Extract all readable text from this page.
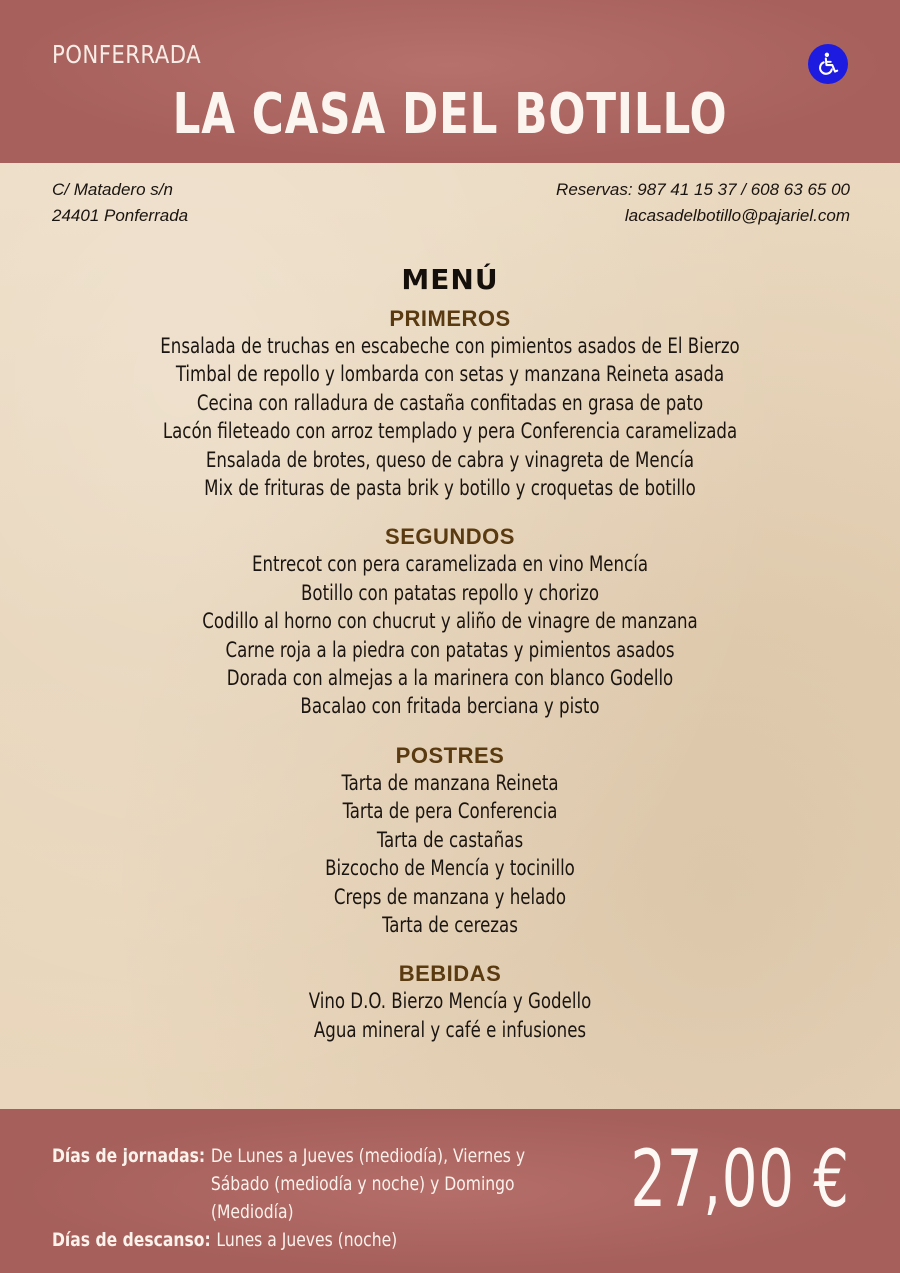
PONFERRADA
LA CASA DEL BOTILLO
C/ Matadero s/n
24401 Ponferrada
Reservas: 987 41 15 37 / 608 63 65 00
lacasadelbotillo@pajariel.com
MENÚ
PRIMEROS
Ensalada de truchas en escabeche con pimientos asados de El Bierzo
Timbal de repollo y lombarda con setas y manzana Reineta asada
Cecina con ralladura de castaña confitadas en grasa de pato
Lacón fileteado con arroz templado y pera Conferencia caramelizada
Ensalada de brotes, queso de cabra y vinagreta de Mencía
Mix de frituras de pasta brik y botillo y croquetas de botillo
SEGUNDOS
Entrecot con pera caramelizada en vino Mencía
Botillo con patatas repollo y chorizo
Codillo al horno con chucrut y aliño de vinagre de manzana
Carne roja a la piedra con patatas y pimientos asados
Dorada con almejas a la marinera con blanco Godello
Bacalao con fritada berciana y pisto
POSTRES
Tarta de manzana Reineta
Tarta de pera Conferencia
Tarta de castañas
Bizcocho de Mencía y tocinillo
Creps de manzana y helado
Tarta de cerezas
BEBIDAS
Vino D.O. Bierzo Mencía y Godello
Agua mineral y café e infusiones
Días de jornadas: De Lunes a Jueves (mediodía), Viernes y Sábado (mediodía y noche) y Domingo (Mediodía)
Días de descanso: Lunes a Jueves (noche)
27,00 €
